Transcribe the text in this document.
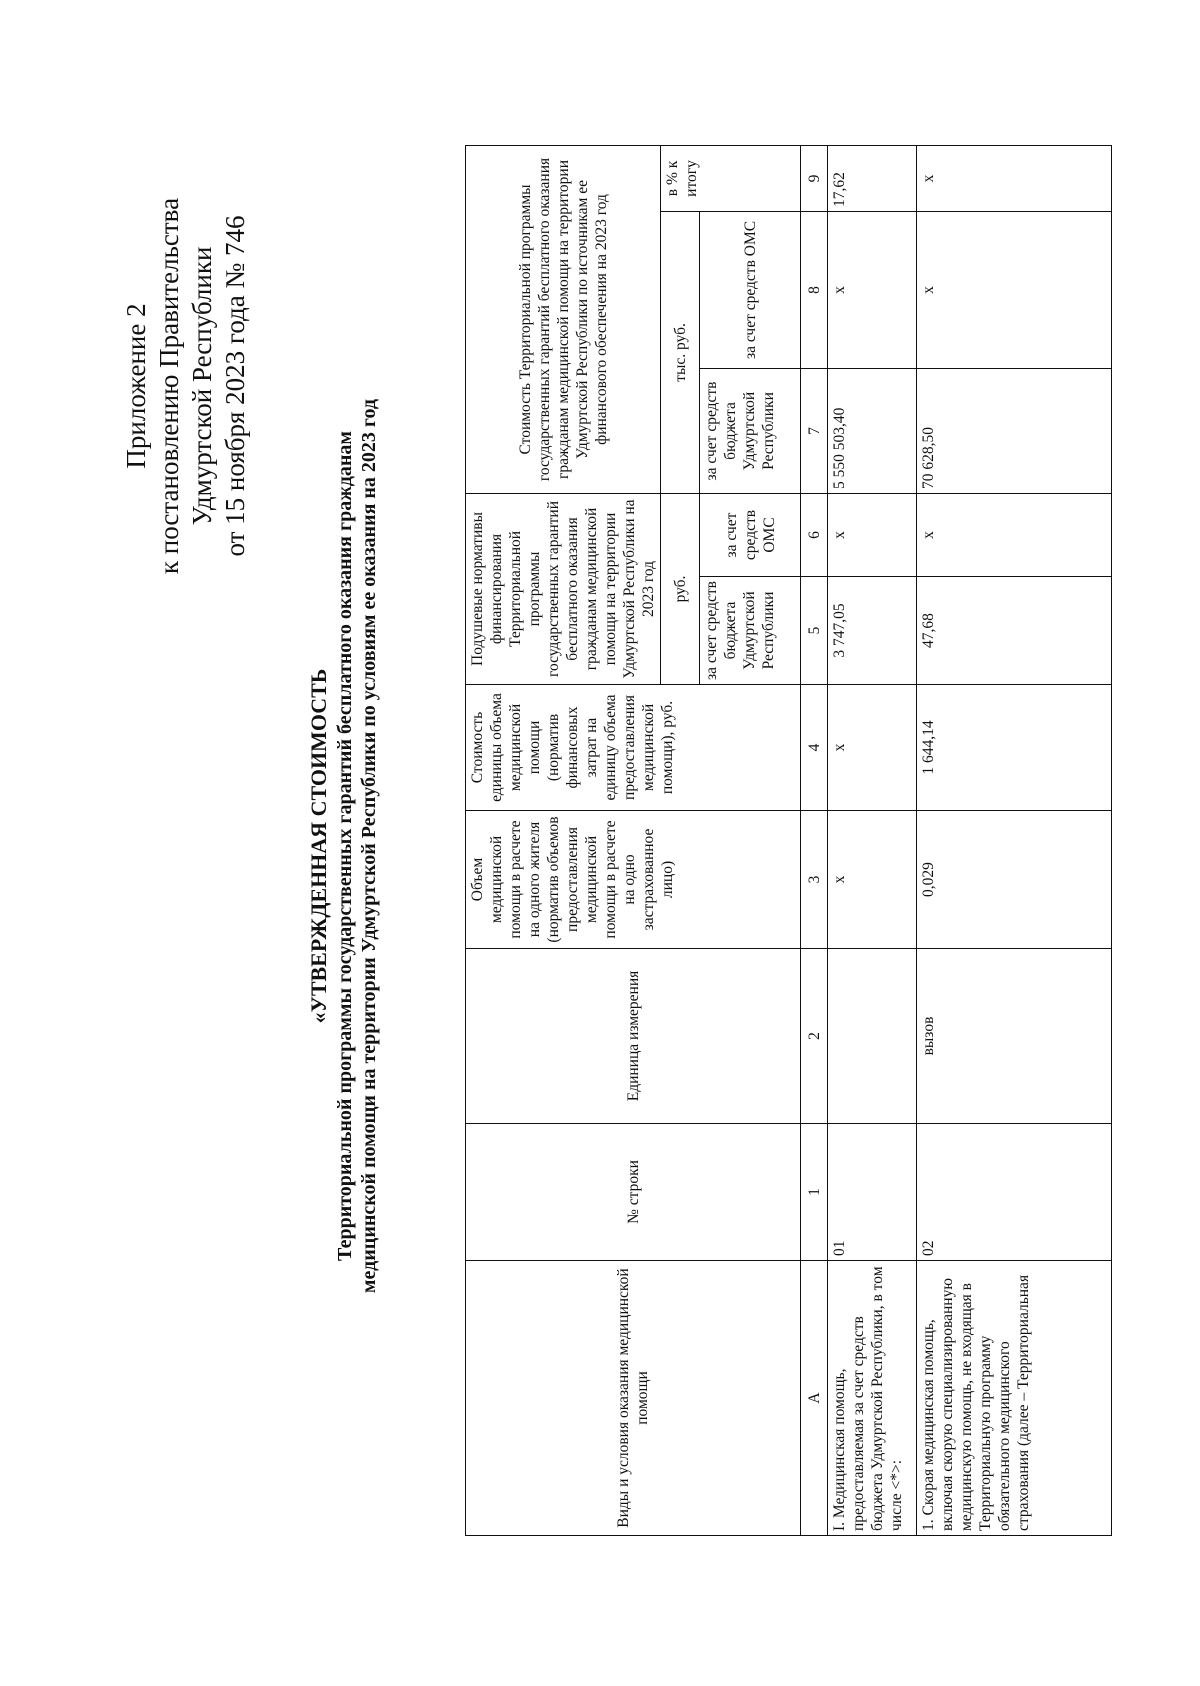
Приложение 2 к постановлению Правительства Удмуртской Республики от 15 ноября 2023 года № 746
«УТВЕРЖДЕННАЯ СТОИМОСТЬ Территориальной программы государственных гарантий бесплатного оказания гражданам медицинской помощи на территории Удмуртской Республики по условиям ее оказания на 2023 год
Виды и условия оказания медицинской помощи	№ строки	Единица измерения	Объем медицинской помощи в расчете на одного жителя (норматив объемов предоставления медицинской помощи в расчете на одно застрахованное лицо)	Стоимость единицы объема медицинской помощи (норматив финансовых затрат на единицу объема предоставления медицинской помощи), руб.	Подушевые нормативы финансирования Территориальной программы государственных гарантий бесплатного оказания гражданам медицинской помощи на территории Удмуртской Республики на 2023 год		Стоимость Территориальной программы государственных гарантий бесплатного оказания гражданам медицинской помощи на территории Удмуртской Республики по источникам ее финансового обеспечения на 2023 год		
					руб.		тыс. руб.		в % к итогу
					за счет средств бюджета Удмуртской Республики	за счет средств ОМС	за счет средств бюджета Удмуртской Республики	за счет средств ОМС	
А	1	2	3	4	5	6	7	8	9
I. Медицинская помощь, предоставляемая за счет средств бюджета Удмуртской Республики, в том числе <*>:	01		х	х	3 747,05	х	5 550 503,40	х	17,62
1. Скорая медицинская помощь, включая скорую специализированную медицинскую помощь, не входящая в Территориальную программу обязательного медицинского страхования (далее – Территориальная	02	вызов	0,029	1 644,14	47,68	х	70 628,50	х	х
